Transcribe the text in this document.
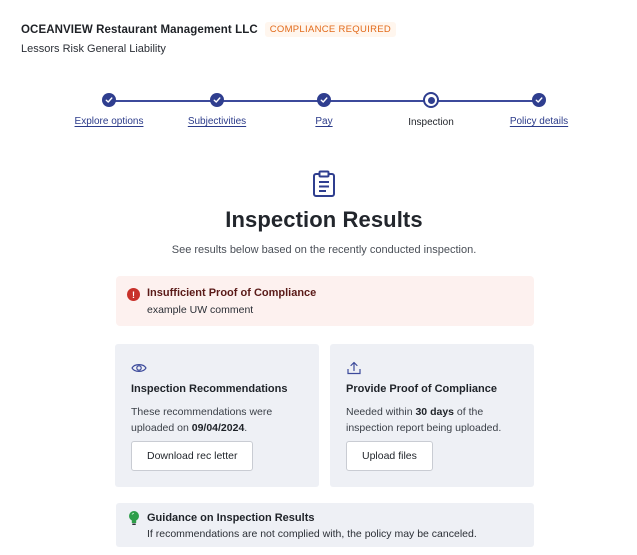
OCEANVIEW Restaurant Management LLC	COMPLIANCE REQUIRED
Lessors Risk General Liability
Explore options	Subjectivities	Pay	Inspection	Policy details
Inspection Results
See results below based on the recently conducted inspection.
!	Insufficient Proof of Compliance
example UW comment
Inspection Recommendations
These recommendations were uploaded on 09/04/2024.
Download rec letter
Provide Proof of Compliance
Needed within 30 days of the inspection report being uploaded.
Upload files
Guidance on Inspection Results
If recommendations are not complied with, the policy may be canceled.
